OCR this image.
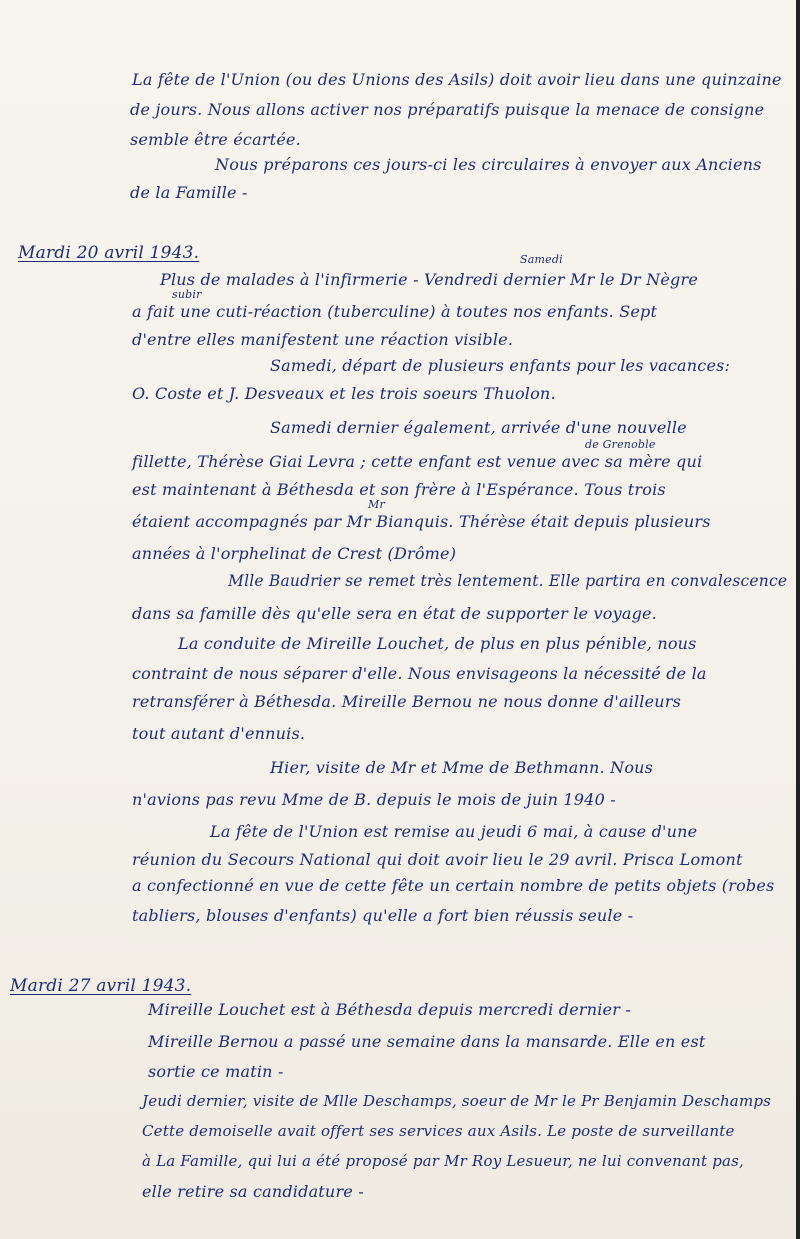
La fête de l'Union (ou des Unions des Asils) doit avoir lieu dans une quinzaine
de jours. Nous allons activer nos préparatifs puisque la menace de consigne
semble être écartée.
Nous préparons ces jours-ci les circulaires à envoyer aux Anciens
de la Famille -
Mardi 20 avril 1943.	Samedi
Plus de malades à l'infirmerie - Vendredi dernier Mr le Dr Nègre
subir
a fait une cuti-réaction (tuberculine) à toutes nos enfants. Sept
d'entre elles manifestent une réaction visible.
Samedi, départ de plusieurs enfants pour les vacances:
O. Coste et J. Desveaux et les trois soeurs Thuolon.
Samedi dernier également, arrivée d'une nouvelle
de Grenoble
fillette, Thérèse Giai Levra ; cette enfant est venue avec sa mère qui
est maintenant à Béthesda et son frère à l'Espérance. Tous trois
Mr
étaient accompagnés par Mr Bianquis. Thérèse était depuis plusieurs
années à l'orphelinat de Crest (Drôme)
Mlle Baudrier se remet très lentement. Elle partira en convalescence
dans sa famille dès qu'elle sera en état de supporter le voyage.
La conduite de Mireille Louchet, de plus en plus pénible, nous
contraint de nous séparer d'elle. Nous envisageons la nécessité de la
retransférer à Béthesda. Mireille Bernou ne nous donne d'ailleurs
tout autant d'ennuis.
Hier, visite de Mr et Mme de Bethmann. Nous
n'avions pas revu Mme de B. depuis le mois de juin 1940 -
La fête de l'Union est remise au jeudi 6 mai, à cause d'une
réunion du Secours National qui doit avoir lieu le 29 avril. Prisca Lomont
a confectionné en vue de cette fête un certain nombre de petits objets (robes
tabliers, blouses d'enfants) qu'elle a fort bien réussis seule -
Mardi 27 avril 1943.
Mireille Louchet est à Béthesda depuis mercredi dernier -
Mireille Bernou a passé une semaine dans la mansarde. Elle en est
sortie ce matin -
Jeudi dernier, visite de Mlle Deschamps, soeur de Mr le Pr Benjamin Deschamps
Cette demoiselle avait offert ses services aux Asils. Le poste de surveillante
à La Famille, qui lui a été proposé par Mr Roy Lesueur, ne lui convenant pas,
elle retire sa candidature -
